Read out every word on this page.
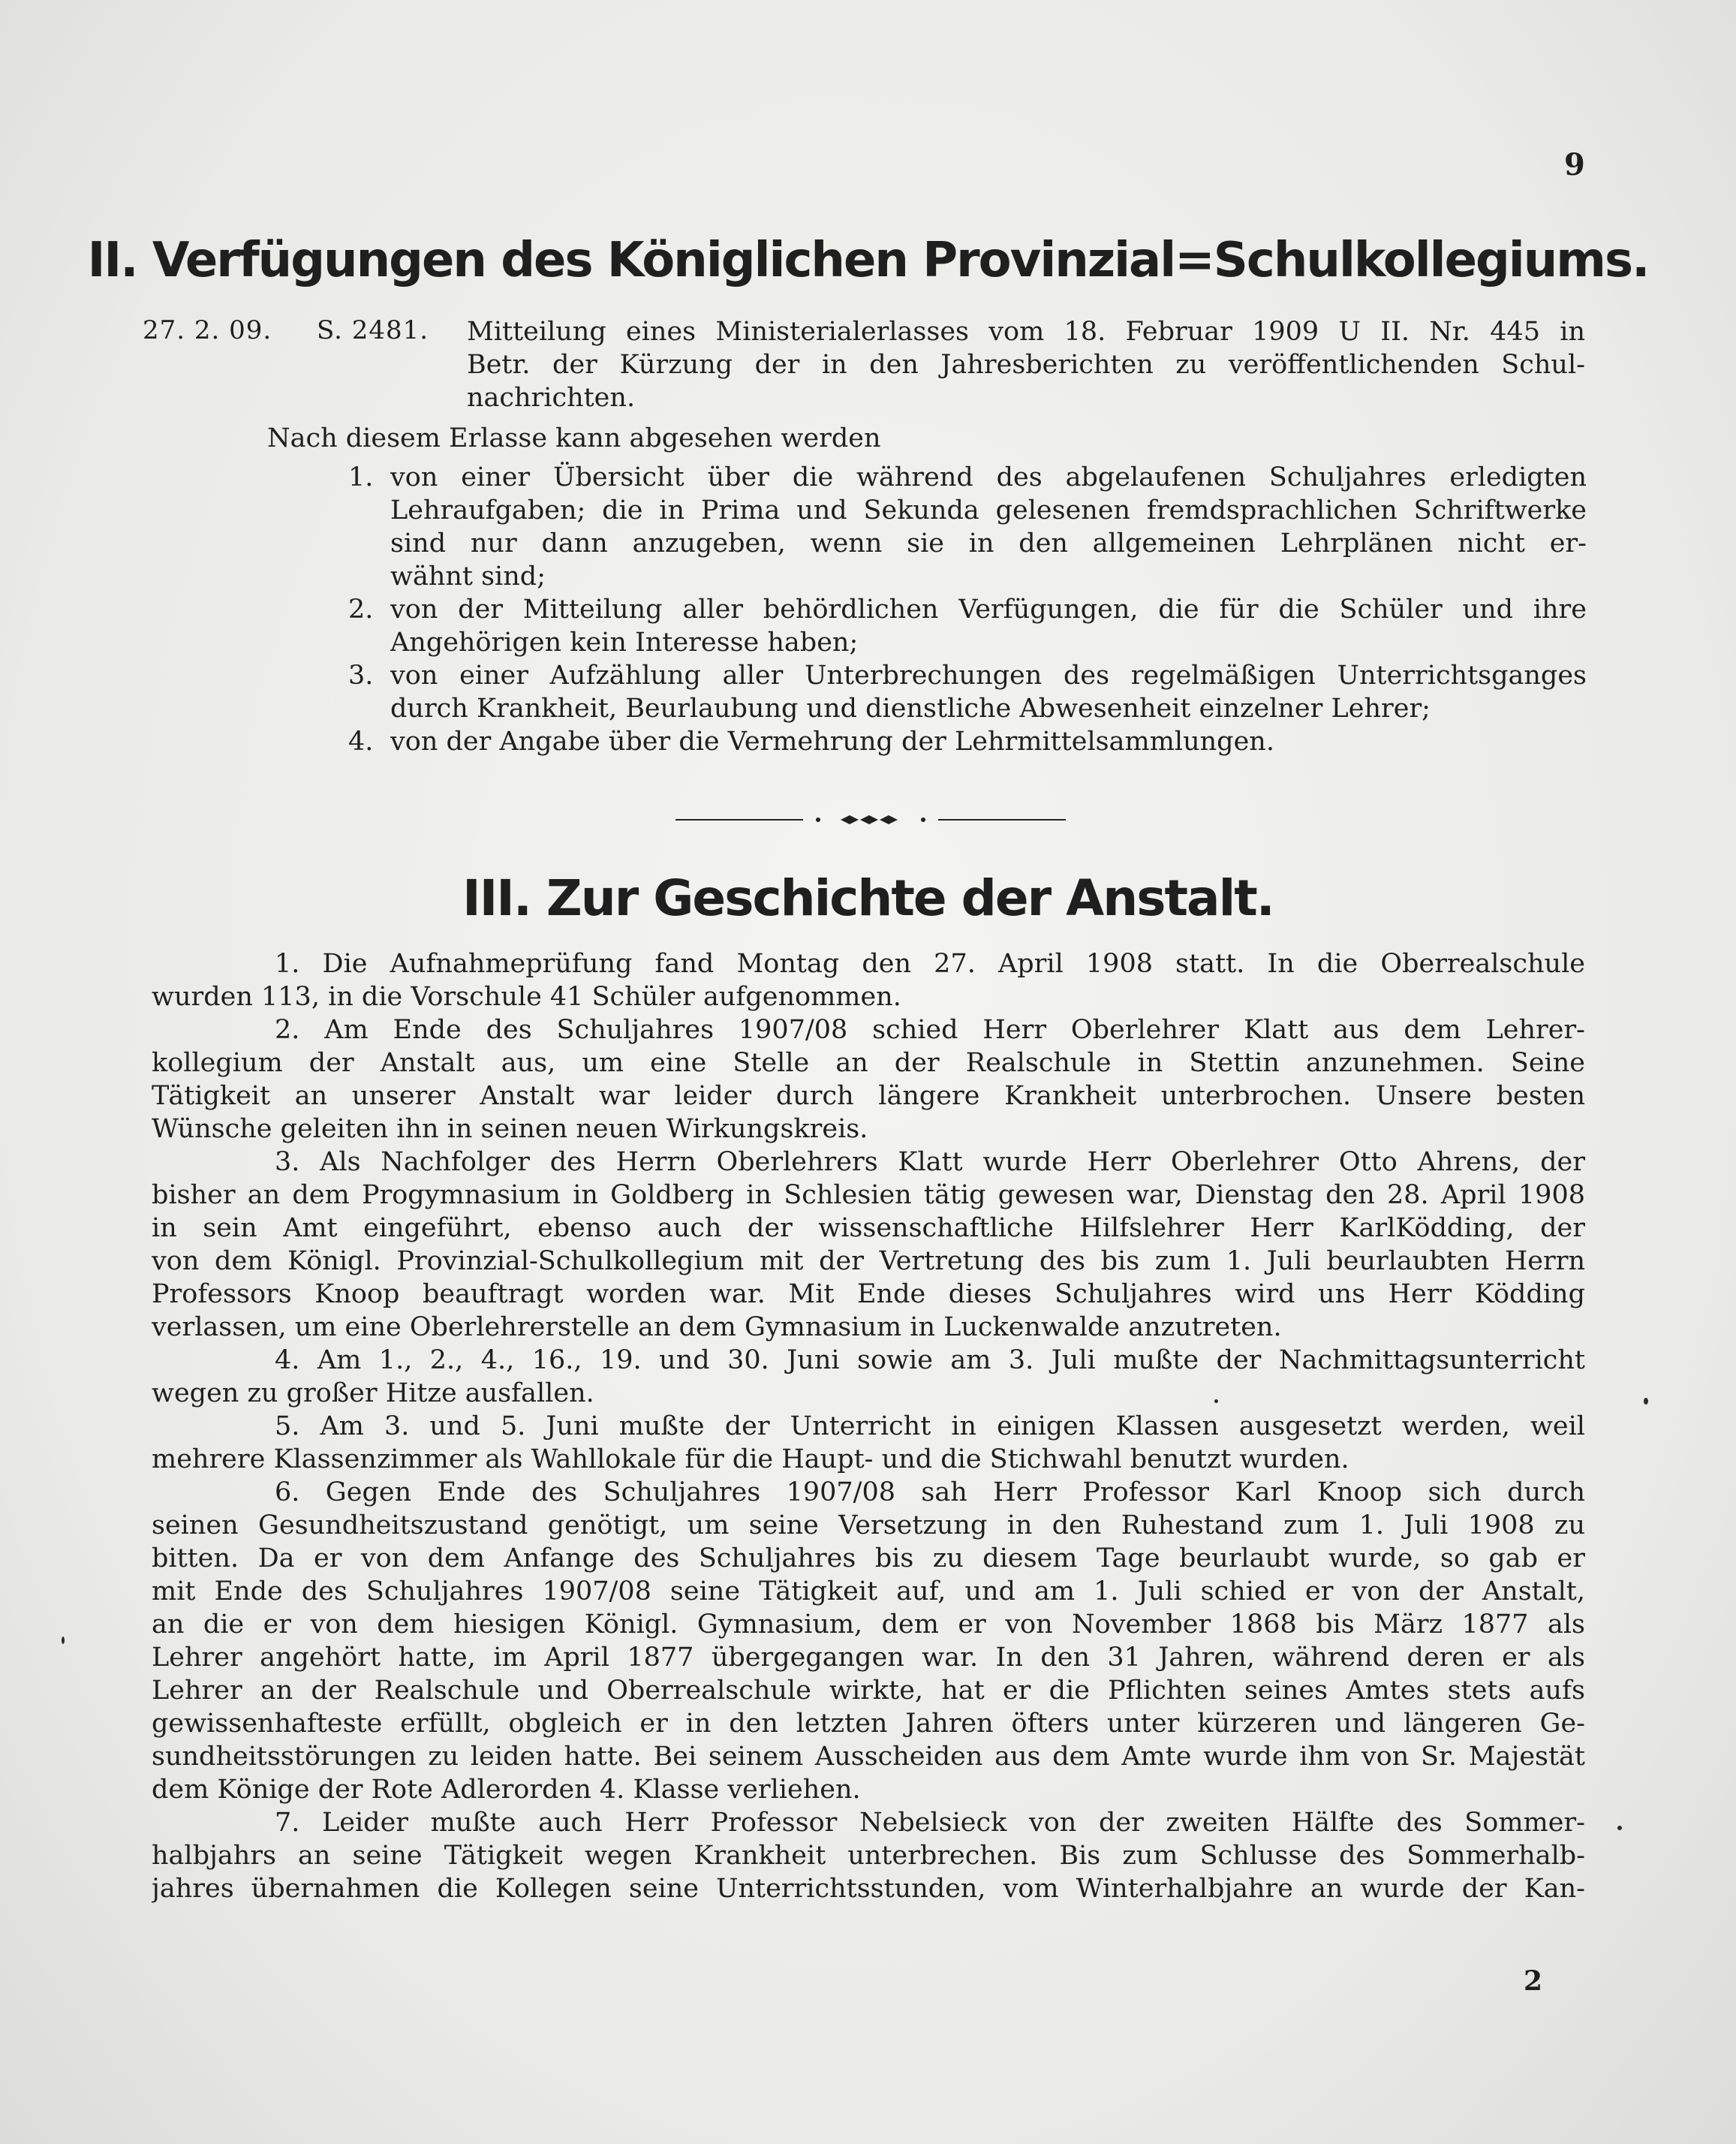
9
II. Verfügungen des Königlichen Provinzial=Schulkollegiums.
27. 2. 09. S. 2481. Mitteilung eines Ministerialerlasses vom 18. Februar 1909 U II. Nr. 445 in
Betr. der Kürzung der in den Jahresberichten zu veröffentlichenden Schul-
nachrichten.
Nach diesem Erlasse kann abgesehen werden
1. von einer Übersicht über die während des abgelaufenen Schuljahres erledigten
Lehraufgaben; die in Prima und Sekunda gelesenen fremdsprachlichen Schriftwerke
sind nur dann anzugeben, wenn sie in den allgemeinen Lehrplänen nicht er-
wähnt sind;
2. von der Mitteilung aller behördlichen Verfügungen, die für die Schüler und ihre
Angehörigen kein Interesse haben;
3. von einer Aufzählung aller Unterbrechungen des regelmäßigen Unterrichtsganges
durch Krankheit, Beurlaubung und dienstliche Abwesenheit einzelner Lehrer;
4. von der Angabe über die Vermehrung der Lehrmittelsammlungen.
III. Zur Geschichte der Anstalt.
1. Die Aufnahmeprüfung fand Montag den 27. April 1908 statt. In die Oberrealschule
wurden 113, in die Vorschule 41 Schüler aufgenommen.
2. Am Ende des Schuljahres 1907/08 schied Herr Oberlehrer Klatt aus dem Lehrer-
kollegium der Anstalt aus, um eine Stelle an der Realschule in Stettin anzunehmen. Seine
Tätigkeit an unserer Anstalt war leider durch längere Krankheit unterbrochen. Unsere besten
Wünsche geleiten ihn in seinen neuen Wirkungskreis.
3. Als Nachfolger des Herrn Oberlehrers Klatt wurde Herr Oberlehrer Otto Ahrens, der
bisher an dem Progymnasium in Goldberg in Schlesien tätig gewesen war, Dienstag den 28. April 1908
in sein Amt eingeführt, ebenso auch der wissenschaftliche Hilfslehrer Herr KarlKödding, der
von dem Königl. Provinzial-Schulkollegium mit der Vertretung des bis zum 1. Juli beurlaubten Herrn
Professors Knoop beauftragt worden war. Mit Ende dieses Schuljahres wird uns Herr Ködding
verlassen, um eine Oberlehrerstelle an dem Gymnasium in Luckenwalde anzutreten.
4. Am 1., 2., 4., 16., 19. und 30. Juni sowie am 3. Juli mußte der Nachmittagsunterricht
wegen zu großer Hitze ausfallen.
5. Am 3. und 5. Juni mußte der Unterricht in einigen Klassen ausgesetzt werden, weil
mehrere Klassenzimmer als Wahllokale für die Haupt- und die Stichwahl benutzt wurden.
6. Gegen Ende des Schuljahres 1907/08 sah Herr Professor Karl Knoop sich durch
seinen Gesundheitszustand genötigt, um seine Versetzung in den Ruhestand zum 1. Juli 1908 zu
bitten. Da er von dem Anfange des Schuljahres bis zu diesem Tage beurlaubt wurde, so gab er
mit Ende des Schuljahres 1907/08 seine Tätigkeit auf, und am 1. Juli schied er von der Anstalt,
an die er von dem hiesigen Königl. Gymnasium, dem er von November 1868 bis März 1877 als
Lehrer angehört hatte, im April 1877 übergegangen war. In den 31 Jahren, während deren er als
Lehrer an der Realschule und Oberrealschule wirkte, hat er die Pflichten seines Amtes stets aufs
gewissenhafteste erfüllt, obgleich er in den letzten Jahren öfters unter kürzeren und längeren Ge-
sundheitsstörungen zu leiden hatte. Bei seinem Ausscheiden aus dem Amte wurde ihm von Sr. Majestät
dem Könige der Rote Adlerorden 4. Klasse verliehen.
7. Leider mußte auch Herr Professor Nebelsieck von der zweiten Hälfte des Sommer-
halbjahrs an seine Tätigkeit wegen Krankheit unterbrechen. Bis zum Schlusse des Sommerhalb-
jahres übernahmen die Kollegen seine Unterrichtsstunden, vom Winterhalbjahre an wurde der Kan-
2
